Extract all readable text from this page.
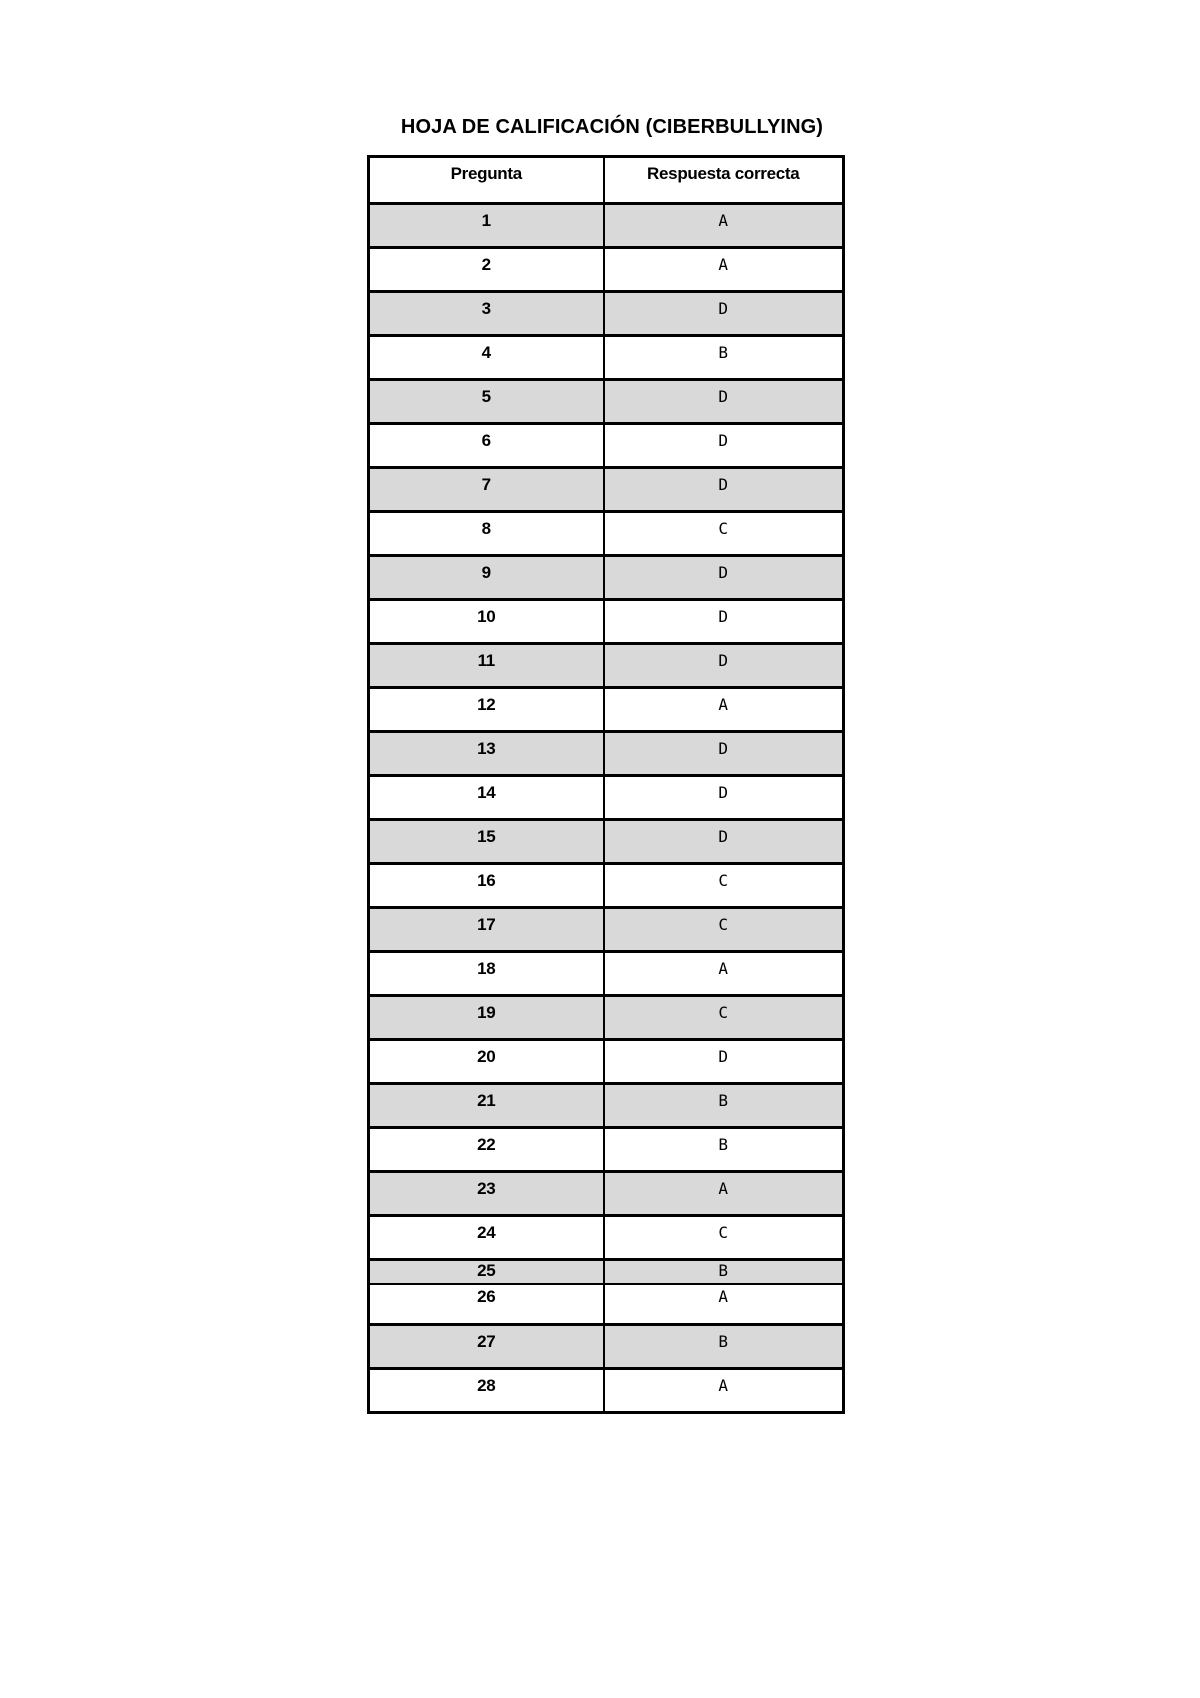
HOJA DE CALIFICACIÓN (CIBERBULLYING)
Pregunta	Respuesta correcta
1	A
2	A
3	D
4	B
5	D
6	D
7	D
8	C
9	D
10	D
11	D
12	A
13	D
14	D
15	D
16	C
17	C
18	A
19	C
20	D
21	B
22	B
23	A
24	C
25	B
26	A
27	B
28	A
